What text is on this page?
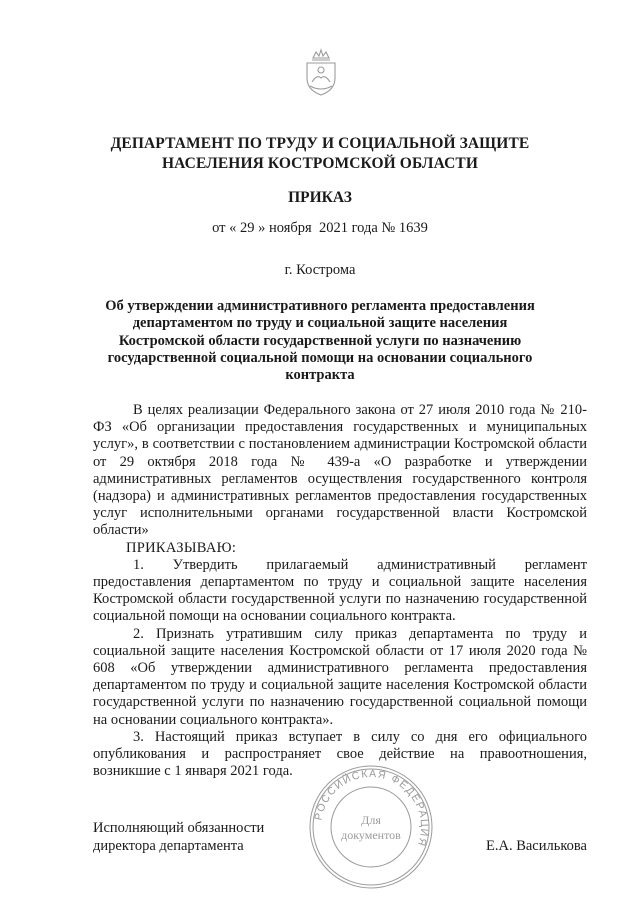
ДЕПАРТАМЕНТ ПО ТРУДУ И СОЦИАЛЬНОЙ ЗАЩИТЕ
НАСЕЛЕНИЯ КОСТРОМСКОЙ ОБЛАСТИ
ПРИКАЗ
от « 29 » ноября  2021 года № 1639
г. Кострома
Об утверждении административного регламента предоставления департаментом по труду и социальной защите населения Костромской области государственной услуги по назначению государственной социальной помощи на основании социального контракта

В целях реализации Федерального закона от 27 июля 2010 года № 210-ФЗ «Об организации предоставления государственных и муниципальных услуг», в соответствии с постановлением администрации Костромской области от 29 октября 2018 года № 439-а «О разработке и утверждении административных регламентов осуществления государственного контроля (надзора) и административных регламентов предоставления государственных услуг исполнительными органами государственной власти Костромской области»

ПРИКАЗЫВАЮ:

1. Утвердить прилагаемый административный регламент предоставления департаментом по труду и социальной защите населения Костромской области государственной услуги по назначению государственной социальной помощи на основании социального контракта.

2. Признать утратившим силу приказ департамента по труду и социальной защите населения Костромской области от 17 июля 2020 года № 608 «Об утверждении административного регламента предоставления департаментом по труду и социальной защите населения Костромской области государственной услуги по назначению государственной социальной помощи на основании социального контракта».

3. Настоящий приказ вступает в силу со дня его официального опубликования и распространяет свое действие на правоотношения, возникшие с 1 января 2021 года.

РОССИЙСКАЯ ФЕДЕРАЦИЯ
Для
документов
Исполняющий обязанности
директора департамента	Е.А. Василькова
